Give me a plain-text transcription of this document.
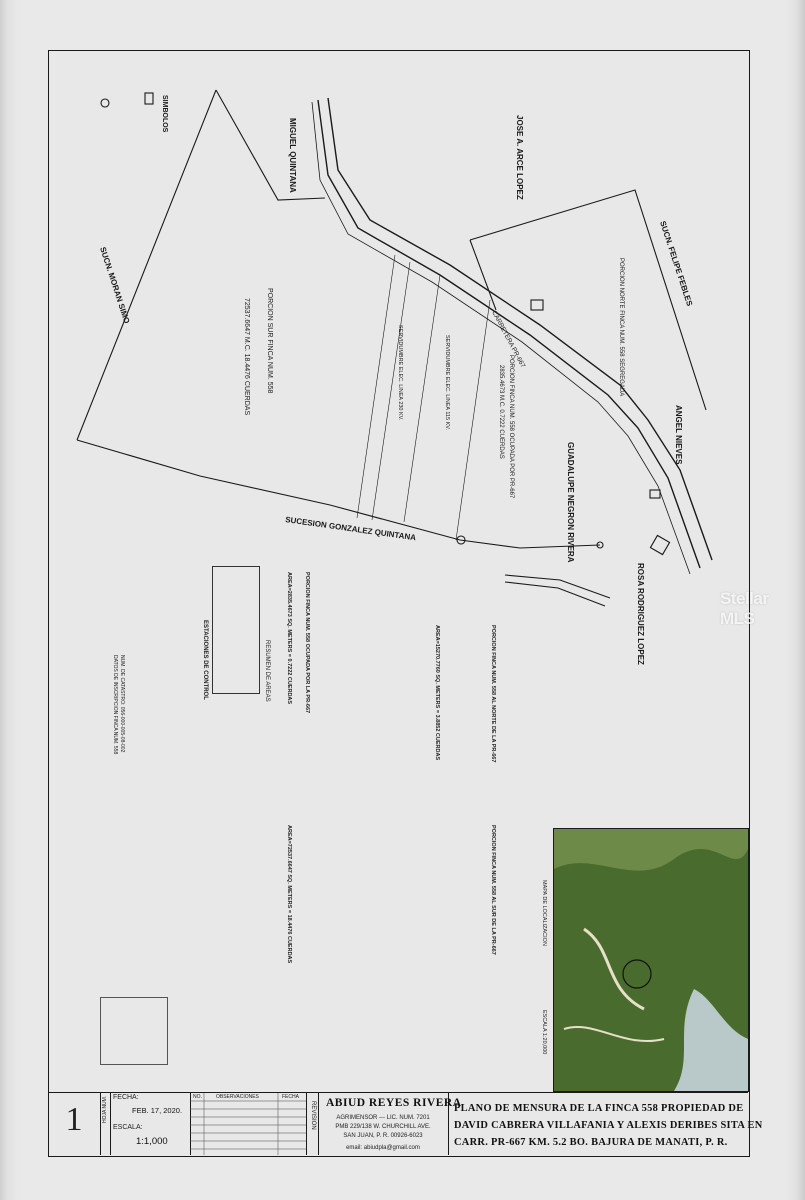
SUCN. MORAN SIMO
MIGUEL QUINTANA	JOSE A. ARCE LOPEZ
SUCN. FELIPE FEBLES
ANGEL NIEVES
GUADALUPE NEGRON RIVERA
ROSA RODRIGUEZ LOPEZ
SUCESION GONZALEZ QUINTANA
PORCION SUR FINCA NUM. 558
72537.6647 M.C. 18.4476 CUERDAS	CARRETERA PR-667
PORCION FINCA NUM. 558 OCUPADA POR PR-667
2835.4673 M.C. 0.7222 CUERDAS
SERVIDUMBRE ELEC. LINEA 115 KV.
SERVIDUMBRE ELEC. LINEA 230 KV.	PORCION NORTE FINCA NUM. 558 SEGREGADA
SIMBOLOS
RESUMEN DE AREAS
ESTACIONES DE CONTROL	PORCION FINCA NUM. 558 AL NORTE DE LA PR-667
AREA=15270.7760 SQ. METERS = 3.8852 CUERDAS
PORCION FINCA NUM. 558 OCUPADA POR LA PR-667
AREA=2835.4673 SQ. METERS = 0.7222 CUERDAS
PORCION FINCA NUM. 558 AL SUR DE LA PR-667
AREA=72537.6647 SQ. METERS = 18.4476 CUERDAS
NUM. DE CATASTRO: 056-000-005-08-002
DATOS DE INSCRIPCION FINCA NUM. 558
MAPA DE LOCALIZACION
ESCALA 1:20,000
Stellar MLS
1	HOJA NUM. FECHA:
FEB. 17, 2020.
ESCALA:
1:1,000
NO.	OBSERVACIONES	FECHA
REVISION ABIUD REYES RIVERA
AGRIMENSOR --- LIC. NUM. 7201
PMB 229/138 W. CHURCHILL AVE.
SAN JUAN, P. R. 00926-6023
email: abiudpla@gmail.com
PLANO DE MENSURA DE LA FINCA 558 PROPIEDAD DE
DAVID CABRERA VILLAFANIA Y ALEXIS DERIBES SITA EN
CARR. PR-667 KM. 5.2 BO. BAJURA DE MANATI, P. R.
